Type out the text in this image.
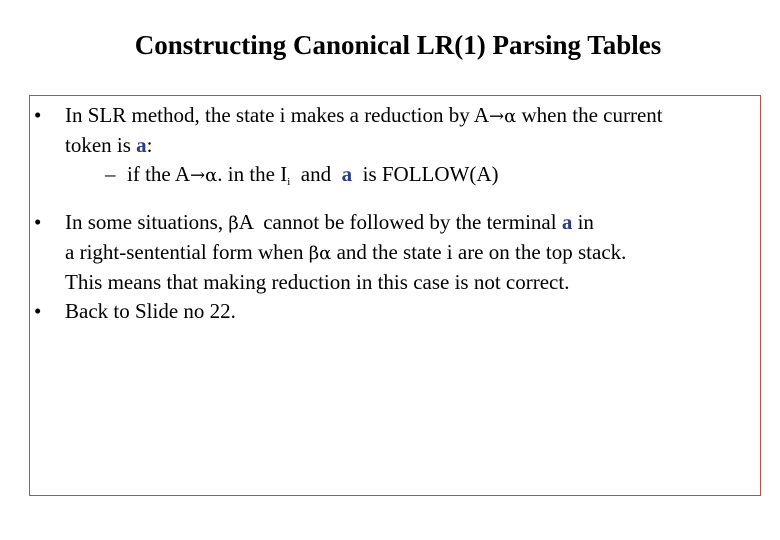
Constructing Canonical LR(1) Parsing Tables
• In SLR method, the state i makes a reduction by A→α when the current
token is a:
– if the A→α. in the $I_i$  and  a  is FOLLOW(A)
• In some situations, βA  cannot be followed by the terminal a in
a right-sentential form when βα and the state i are on the top stack.
This means that making reduction in this case is not correct.
• Back to Slide no 22.
